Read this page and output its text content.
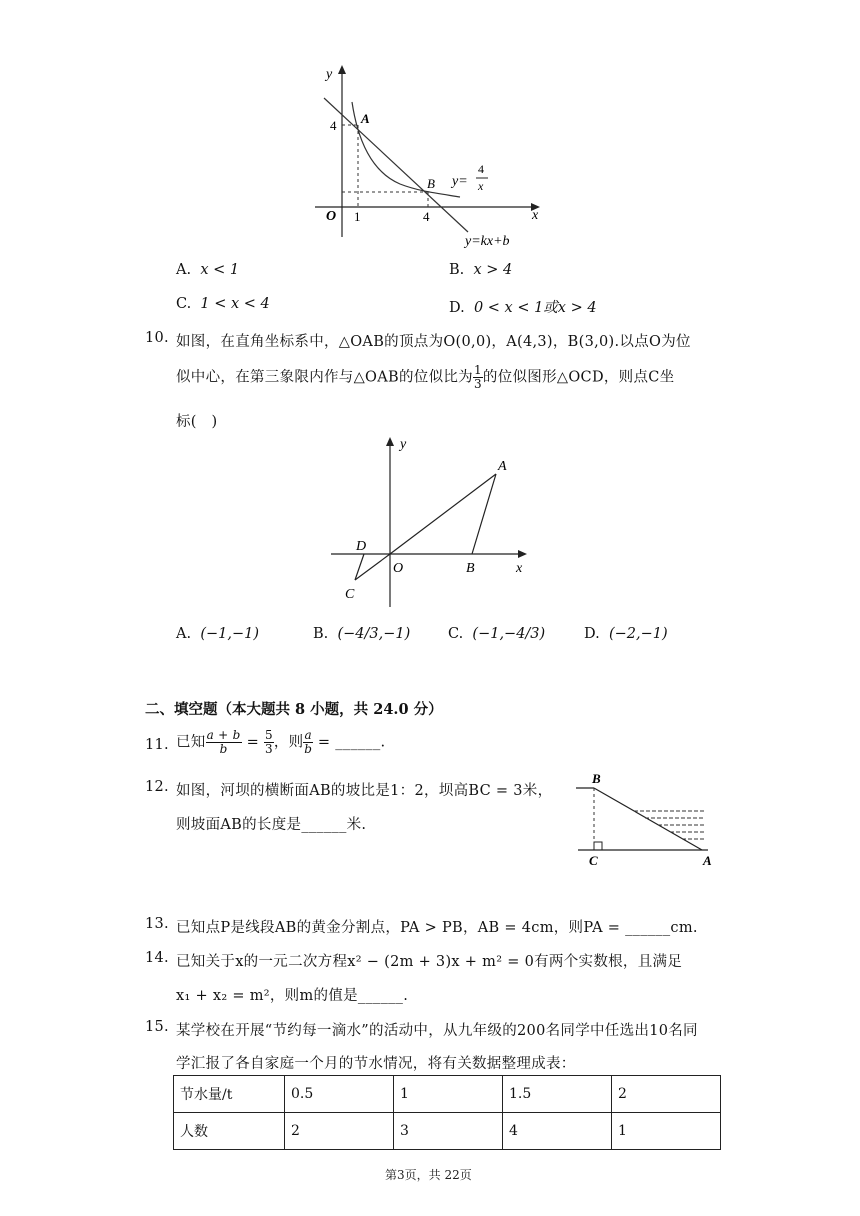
y
x
O 1	4
4 A
B y=
4
x
y=kx+b
A. x < 1	B. x > 4
C. 1 < x < 4	D. 0 < x < 1或x > 4
10. 如图，在直角坐标系中，△OAB的顶点为O(0,0)，A(4,3)，B(3,0).以点O为位
似中心，在第三象限内作与△OAB的位似比为 $\frac{1}{3}$ 的位似图形△OCD，则点C坐
标(　)
y
x
O
A
B
C
D
A. (−1,−1)	B. (−4/3,−1)	C. (−1,−4/3)	D. (−2,−1)
二、填空题（本大题共 8 小题，共 24.0 分）
11. 已知 $\frac{a + b}{b} = \frac{5}{3}$ ，则 $\frac{a}{b}$ = ______.
12. 如图，河坝的横断面AB的坡比是1：2，坝高BC = 3米，
则坡面AB的长度是______米.
B
C	A
13. 已知点P是线段AB的黄金分割点，PA > PB，AB = 4cm，则PA = ______cm.
14. 已知关于x的一元二次方程x² − (2m + 3)x + m² = 0有两个实数根，且满足
x₁ + x₂ = m²，则m的值是______.
15. 某学校在开展“节约每一滴水”的活动中，从九年级的200名同学中任选出10名同
学汇报了各自家庭一个月的节水情况，将有关数据整理成表：
节水量/t	0.5	1	1.5	2
人数	2	3	4	1
第3页，共 22页
